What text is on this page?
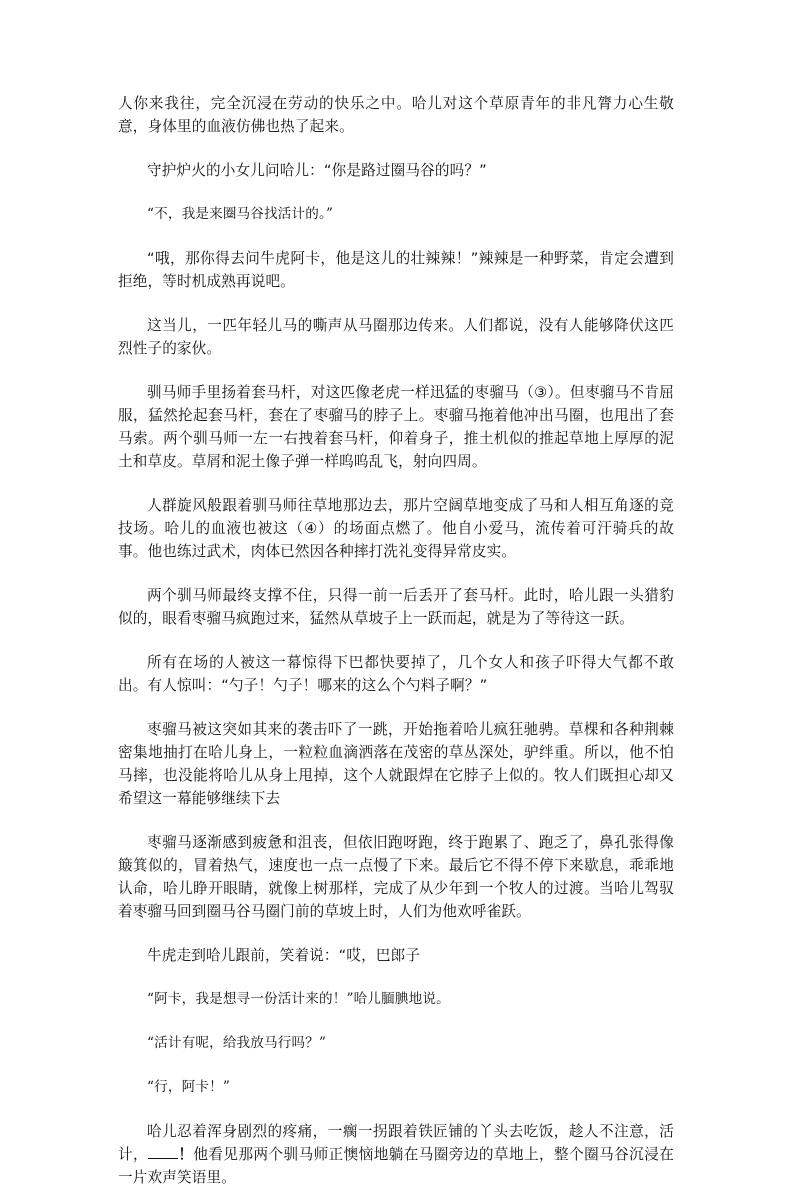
人你来我往，完全沉浸在劳动的快乐之中。哈儿对这个草原青年的非凡膂力心生敬意，身体里的血液仿佛也热了起来。

守护炉火的小女儿问哈儿：“你是路过圈马谷的吗？”

“不，我是来圈马谷找活计的。”

“哦，那你得去问牛虎阿卡，他是这儿的壮辣辣！”辣辣是一种野菜，肯定会遭到拒绝，等时机成熟再说吧。

这当儿，一匹年轻儿马的嘶声从马圈那边传来。人们都说，没有人能够降伏这匹烈性子的家伙。

驯马师手里扬着套马杆，对这匹像老虎一样迅猛的枣骝马（③）。但枣骝马不肯屈服，猛然抡起套马杆，套在了枣骝马的脖子上。枣骝马拖着他冲出马圈，也甩出了套马索。两个驯马师一左一右拽着套马杆，仰着身子，推土机似的推起草地上厚厚的泥土和草皮。草屑和泥土像子弹一样呜呜乱飞，射向四周。

人群旋风般跟着驯马师往草地那边去，那片空阔草地变成了马和人相互角逐的竞技场。哈儿的血液也被这（④）的场面点燃了。他自小爱马，流传着可汗骑兵的故事。他也练过武术，肉体已然因各种摔打洗礼变得异常皮实。

两个驯马师最终支撑不住，只得一前一后丢开了套马杆。此时，哈儿跟一头猎豹似的，眼看枣骝马疯跑过来，猛然从草坡子上一跃而起，就是为了等待这一跃。

所有在场的人被这一幕惊得下巴都快要掉了，几个女人和孩子吓得大气都不敢出。有人惊叫：“勺子！勺子！哪来的这么个勺料子啊？”

枣骝马被这突如其来的袭击吓了一跳，开始拖着哈儿疯狂驰骋。草棵和各种荆棘密集地抽打在哈儿身上，一粒粒血滴洒落在茂密的草丛深处，驴绊重。所以，他不怕马摔，也没能将哈儿从身上甩掉，这个人就跟焊在它脖子上似的。牧人们既担心却又希望这一幕能够继续下去

枣骝马逐渐感到疲惫和沮丧，但依旧跑呀跑，终于跑累了、跑乏了，鼻孔张得像簸箕似的，冒着热气，速度也一点一点慢了下来。最后它不得不停下来歇息，乖乖地认命，哈儿睁开眼睛，就像上树那样，完成了从少年到一个牧人的过渡。当哈儿驾驭着枣骝马回到圈马谷马圈门前的草坡上时，人们为他欢呼雀跃。

牛虎走到哈儿跟前，笑着说：“哎，巴郎子

“阿卡，我是想寻一份活计来的！”哈儿腼腆地说。

“活计有呢，给我放马行吗？”

“行，阿卡！”

哈儿忍着浑身剧烈的疼痛，一瘸一拐跟着铁匠铺的丫头去吃饭，趁人不注意，活计， ！他看见那两个驯马师正懊恼地躺在马圈旁边的草地上，整个圈马谷沉浸在一片欢声笑语里。
